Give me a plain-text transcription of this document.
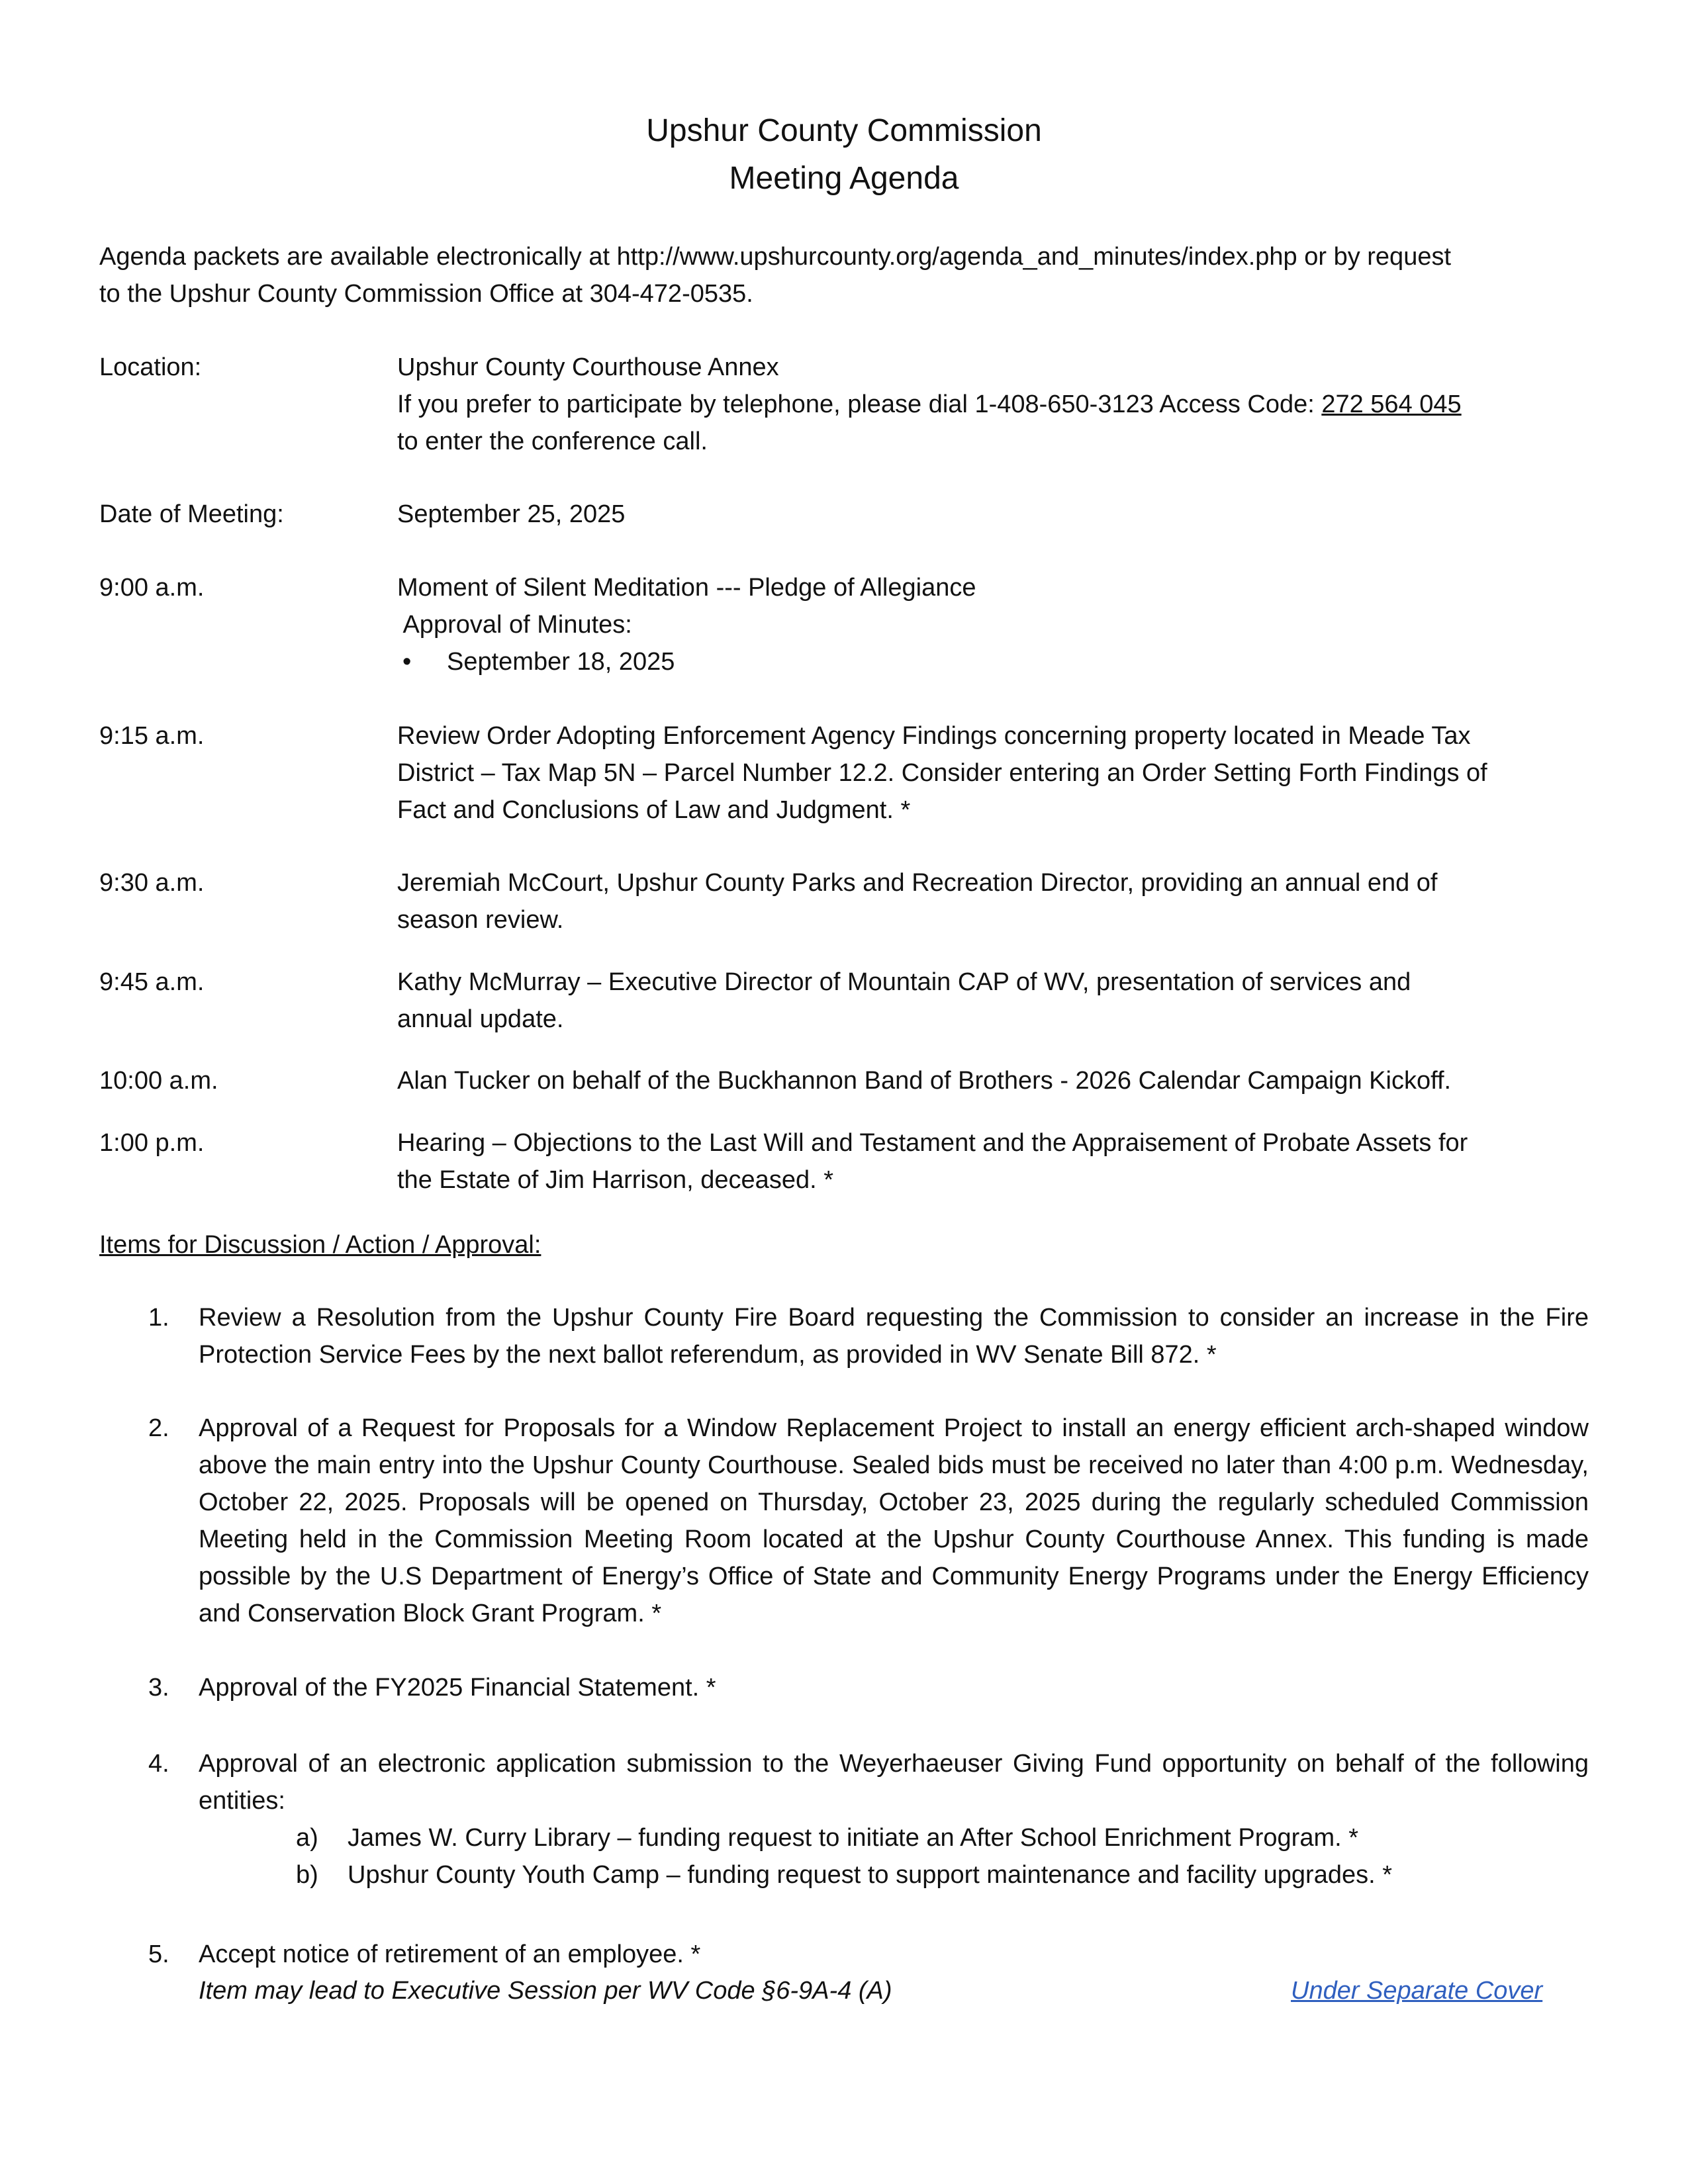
Upshur County Commission
Meeting Agenda
Agenda packets are available electronically at http://www.upshurcounty.org/agenda_and_minutes/index.php or by request
to the Upshur County Commission Office at 304-472-0535.
Location:	Upshur County Courthouse Annex
If you prefer to participate by telephone, please dial 1-408-650-3123 Access Code: 272 564 045
to enter the conference call.
Date of Meeting:	September 25, 2025
9:00 a.m.	Moment of Silent Meditation --- Pledge of Allegiance
Approval of Minutes:
• September 18, 2025
9:15 a.m.	Review Order Adopting Enforcement Agency Findings concerning property located in Meade Tax
District – Tax Map 5N – Parcel Number 12.2. Consider entering an Order Setting Forth Findings of
Fact and Conclusions of Law and Judgment. *
9:30 a.m.	Jeremiah McCourt, Upshur County Parks and Recreation Director, providing an annual end of
season review.
9:45 a.m.	Kathy McMurray – Executive Director of Mountain CAP of WV, presentation of services and
annual update.
10:00 a.m.	Alan Tucker on behalf of the Buckhannon Band of Brothers - 2026 Calendar Campaign Kickoff.
1:00 p.m.	Hearing – Objections to the Last Will and Testament and the Appraisement of Probate Assets for
the Estate of Jim Harrison, deceased. *
Items for Discussion / Action / Approval:
1. Review a Resolution from the Upshur County Fire Board requesting the Commission to consider an increase in the Fire Protection Service Fees by the next ballot referendum, as provided in WV Senate Bill 872. *
2. Approval of a Request for Proposals for a Window Replacement Project to install an energy efficient arch-shaped window above the main entry into the Upshur County Courthouse. Sealed bids must be received no later than 4:00 p.m. Wednesday, October 22, 2025. Proposals will be opened on Thursday, October 23, 2025 during the regularly scheduled Commission Meeting held in the Commission Meeting Room located at the Upshur County Courthouse Annex. This funding is made possible by the U.S Department of Energy’s Office of State and Community Energy Programs under the Energy Efficiency and Conservation Block Grant Program. *
3. Approval of the FY2025 Financial Statement. *
4. Approval of an electronic application submission to the Weyerhaeuser Giving Fund opportunity on behalf of the following entities:
a) James W. Curry Library – funding request to initiate an After School Enrichment Program. *
b) Upshur County Youth Camp – funding request to support maintenance and facility upgrades. *
5. Accept notice of retirement of an employee. *
Item may lead to Executive Session per WV Code §6-9A-4 (A)	Under Separate Cover
